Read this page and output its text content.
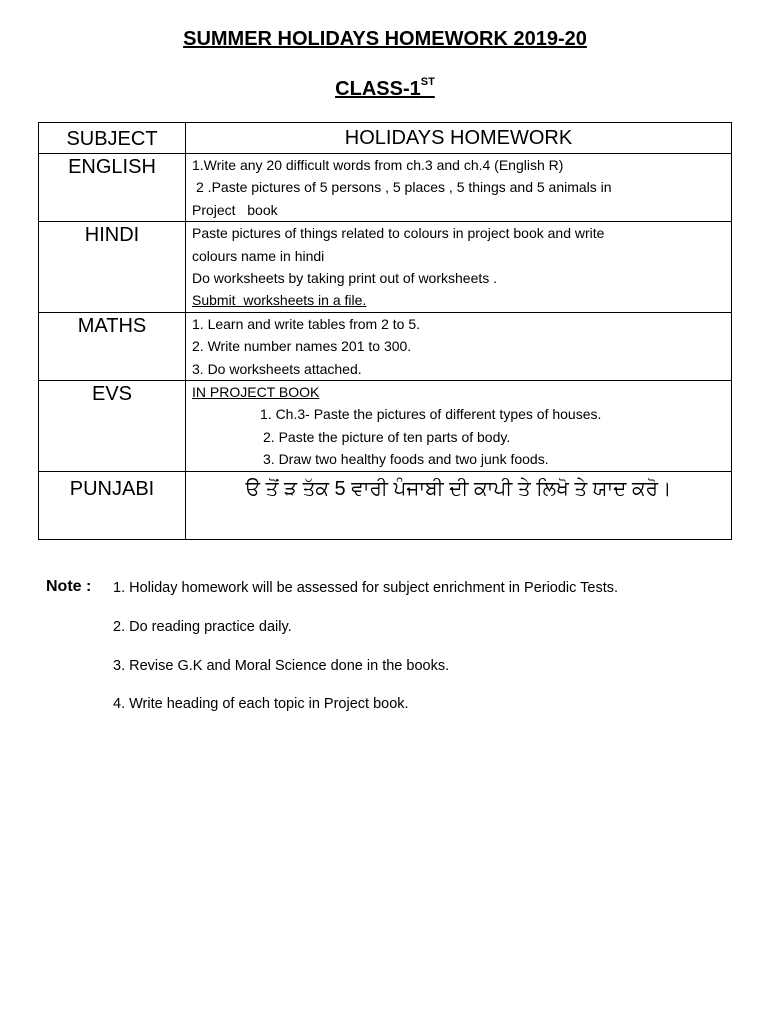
SUMMER HOLIDAYS HOMEWORK 2019-20
CLASS-1ST
SUBJECT	HOLIDAYS HOMEWORK
ENGLISH	1.Write any 20 difficult words from ch.3 and ch.4 (English R)
2 .Paste pictures of 5 persons , 5 places , 5 things and 5 animals in
Project   book

HINDI	Paste pictures of things related to colours in project book and write
colours name in hindi
Do worksheets by taking print out of worksheets .
Submit  worksheets in a file.

MATHS	1. Learn and write tables from 2 to 5.
2. Write number names 201 to 300.
3. Do worksheets attached.

EVS	IN PROJECT BOOK
1. Ch.3- Paste the pictures of different types of houses.
2. Paste the picture of ten parts of body.
3. Draw two healthy foods and two junk foods.

PUNJABI	ੳ ਤੋਂ ੜ ਤੱਕ 5 ਵਾਰੀ ਪੰਜਾਬੀ ਦੀ ਕਾਪੀ ਤੇ ਲਿਖੋ ਤੇ ਯਾਦ ਕਰੋ।
Note : 1. Holiday homework will be assessed for subject enrichment in Periodic Tests.
2. Do reading practice daily.
3. Revise G.K and Moral Science done in the books.
4. Write heading of each topic in Project book.
